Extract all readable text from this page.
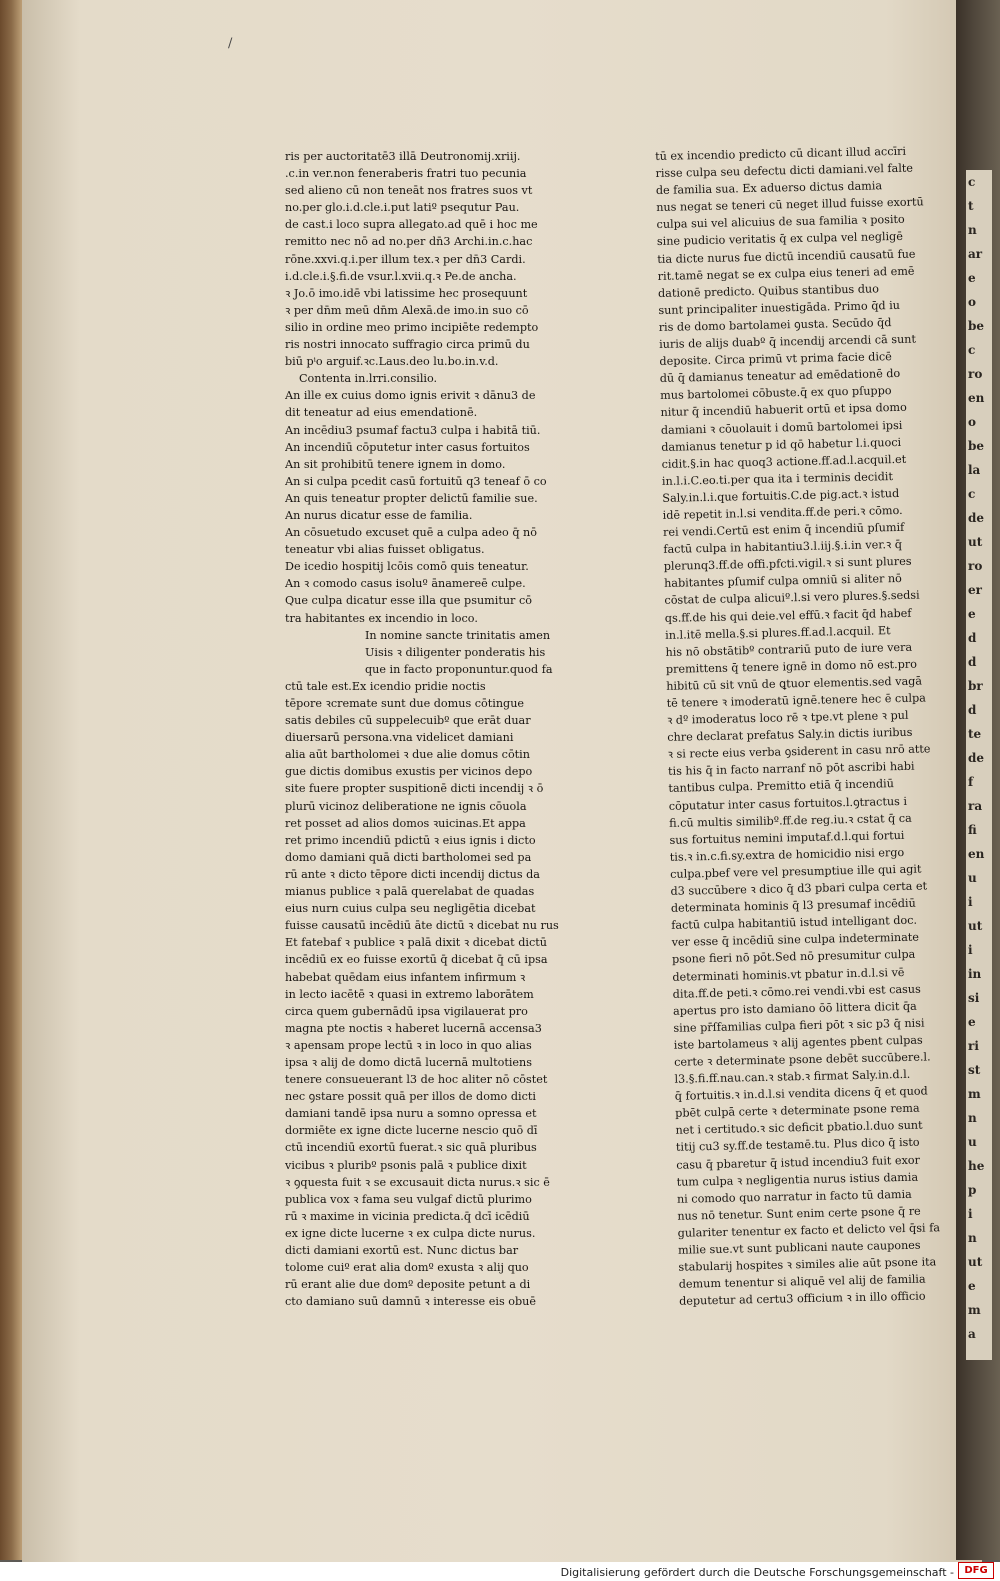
/
c
t
n
ar
e
o
be
c
ro
en
o
be
la
c
de
ut
ro
er
e
d
d
br
d
te
de
f
ra
fi
en
u
i
ut
i
in
si
e
ri
st
m
n
u
he
p
i
n
ut
e
m
a
ris per auctoritatē3 illā Deutronomij.xriij.
.c.in ver.non feneraberis fratri tuo pecunia
sed alieno cū non teneāt nos fratres suos vt
no.per glo.i.d.cle.i.put latiº psequtur Pau.
de cast.i loco supra allegato.ad quē i hoc me
remitto nec nō ad no.per dn̄3 Archi.in.c.hac
rōne.xxvi.q.i.per illum tex.ꝛ per dn̄3 Cardi.
i.d.cle.i.§.fi.de vsur.l.xvii.q.ꝛ Pe.de ancha.
ꝛ Jo.ō imo.idē vbi latissime hec prosequunt
ꝛ per dn̄m meū dn̄m Alexā.de imo.in suo cō
silio in ordine meo primo incipiēte redempto
ris nostri innocato suffragio circa primū du
biū pⁱo arguif.ꝛc.Laus.deo lu.bo.in.v.d.
Contenta in.lrri.consilio.
An ille ex cuius domo ignis erivit ꝛ dānu3 de
dit teneatur ad eius emendationē.
An incēdiu3 psumaf factu3 culpa i habitā tiū.
An incendiū cōputetur inter casus fortuitos
An sit prohibitū tenere ignem in domo.
An si culpa pcedit casū fortuitū q3 teneaf ō co
An quis teneatur propter delictū familie sue.
An nurus dicatur esse de familia.
An cōsuetudo excuset quē a culpa adeo q̄ nō
teneatur vbi alias fuisset obligatus.
De icedio hospitij lcōis comō quis teneatur.
An ꝛ comodo casus isoluº ānamereē culpe.
Que culpa dicatur esse illa que psumitur cō
tra habitantes ex incendio in loco.
In nomine sancte trinitatis amen
Uisis ꝛ diligenter ponderatis his
que in facto proponuntur.quod fa
ctū tale est.Ex icendio pridie noctis
tēpore ꝛcremate sunt due domus cōtingue
satis debiles cū suppelecuibº que erāt duar
diuersarū persona.vna videlicet damiani
alia aūt bartholomei ꝛ due alie domus cōtin
gue dictis domibus exustis per vicinos depo
site fuere propter suspitionē dicti incendij ꝛ ō
plurū vicinoz deliberatione ne ignis cōuola
ret posset ad alios domos ꝛuicinas.Et appa
ret primo incendiū pdictū ꝛ eius ignis i dicto
domo damiani quā dicti bartholomei sed pa
rū ante ꝛ dicto tēpore dicti incendij dictus da
mianus publice ꝛ palā querelabat de quadas
eius nurn cuius culpa seu negligētia dicebat
fuisse causatū incēdiū āte dictū ꝛ dicebat nu rus
Et fatebaf ꝛ publice ꝛ palā dixit ꝛ dicebat dictū
incēdiū ex eo fuisse exortū q̄ dicebat q̄ cū ipsa
habebat quēdam eius infantem infirmum ꝛ
in lecto iacētē ꝛ quasi in extremo laborātem
circa quem gubernādū ipsa vigilauerat pro
magna pte noctis ꝛ haberet lucernā accensa3
ꝛ apensam prope lectū ꝛ in loco in quo alias
ipsa ꝛ alij de domo dictā lucernā multotiens
tenere consueuerant l3 de hoc aliter nō cōstet
nec ꝯstare possit quā per illos de domo dicti
damiani tandē ipsa nuru a somno opressa et
dormiēte ex igne dicte lucerne nescio quō dī
ctū incendiū exortū fuerat.ꝛ sic quā pluribus
vicibus ꝛ pluribº psonis palā ꝛ publice dixit
ꝛ ꝯquesta fuit ꝛ se excusauit dicta nurus.ꝛ sic ē
publica vox ꝛ fama seu vulgaf dictū plurimo
rū ꝛ maxime in vicinia predicta.q̄ dcī icēdiū
ex igne dicte lucerne ꝛ ex culpa dicte nurus.
dicti damiani exortū est. Nunc dictus bar
tolome cuiº erat alia domº exusta ꝛ alij quo
rū erant alie due domº deposite petunt a di
cto damiano suū damnū ꝛ interesse eis obuē
tū ex incendio predicto cū dicant illud accīri
risse culpa seu defectu dicti damiani.vel falte
de familia sua. Ex aduerso dictus damia
nus negat se teneri cū neget illud fuisse exortū
culpa sui vel alicuius de sua familia ꝛ posito
sine pudicio veritatis q̄ ex culpa vel negligē
tia dicte nurus fue dictū incendiū causatū fue
rit.tamē negat se ex culpa eius teneri ad emē
dationē predicto. Quibus stantibus duo
sunt principaliter inuestigāda. Primo q̄d iu
ris de domo bartolamei ꝯusta. Secūdo q̄d
iuris de alijs duabº q̄ incendij arcendi cā sunt
deposite. Circa primū vt prima facie dicē
dū q̄ damianus teneatur ad emēdationē do
mus bartolomei cōbuste.q̄ ex quo pſuppo
nitur q̄ incendiū habuerit ortū et ipsa domo
damiani ꝛ cōuolauit i domū bartolomei ipsi
damianus tenetur p id qō habetur l.i.quoci
cidit.§.in hac quoq3 actione.ff.ad.l.acquil.et
in.l.i.C.eo.ti.per qua ita i terminis decidit
Saly.in.l.i.que fortuitis.C.de pig.act.ꝛ istud
idē repetit in.l.si vendita.ff.de peri.ꝛ cōmo.
rei vendi.Certū est enim q̄ incendiū pſumif
factū culpa in habitantiu3.l.iij.§.i.in ver.ꝛ q̄
plerunq3.ff.de offi.pfcti.vigil.ꝛ si sunt plures
habitantes pſumif culpa omniū si aliter nō
cōstat de culpa alicuiº.l.si vero plures.§.sedsi
qs.ff.de his qui deie.vel effū.ꝛ facit q̄d habef
in.l.itē mella.§.si plures.ff.ad.l.acquil. Et
his nō obstātibº contrariū puto de iure vera
premittens q̄ tenere ignē in domo nō est.pro
hibitū cū sit vnū de ꝗtuor elementis.sed vagā
tē tenere ꝛ imoderatū ignē.tenere hec ē culpa
ꝛ dº imoderatus loco rē ꝛ tpe.vt plene ꝛ pul
chre declarat prefatus Saly.in dictis iuribus
ꝛ si recte eius verba ꝯsiderent in casu nrō atte
tis his q̄ in facto narranf nō pōt ascribi habi
tantibus culpa. Premitto etiā q̄ incendiū
cōputatur inter casus fortuitos.l.ꝯtractus i
fi.cū multis similibº.ff.de reg.iu.ꝛ cstat q̄ ca
sus fortuitus nemini imputaf.d.l.qui fortui
tis.ꝛ in.c.fi.sy.extra de homicidio nisi ergo
culpa.pbef vere vel presumptiue ille qui agit
d3 succūbere ꝛ dico q̄ d3 pbari culpa certa et
determinata hominis q̄ l3 presumaf incēdiū
factū culpa habitantiū istud intelligant doc.
ver esse q̄ incēdiū sine culpa indeterminate
psone fieri nō pōt.Sed nō presumitur culpa
determinati hominis.vt pbatur in.d.l.si vē
dita.ff.de peti.ꝛ cōmo.rei vendi.vbi est casus
apertus pro isto damiano ōō littera dicit q̄a
sine pr̄ſfamilias culpa fieri pōt ꝛ sic p3 q̄ nisi
iste bartolameus ꝛ alij agentes pbent culpas
certe ꝛ determinate psone debēt succūbere.l.
l3.§.fi.ff.nau.can.ꝛ stab.ꝛ firmat Saly.in.d.l.
q̄ fortuitis.ꝛ in.d.l.si vendita dicens q̄ et quod
pbēt culpā certe ꝛ determinate psone rema
net i certitudo.ꝛ sic deficit pbatio.l.duo sunt
titij cu3 sy.ff.de testamē.tu. Plus dico q̄ isto
casu q̄ pbaretur q̄ istud incendiu3 fuit exor
tum culpa ꝛ negligentia nurus istius damia
ni comodo quo narratur in facto tū damia
nus nō tenetur. Sunt enim certe psone q̄ re
gulariter tenentur ex facto et delicto vel q̄si fa
milie sue.vt sunt publicani naute caupones
stabularij hospites ꝛ similes alie aūt psone ita
demum tenentur si aliquē vel alij de familia
deputetur ad certu3 officium ꝛ in illo officio
Digitalisierung gefördert durch die Deutsche Forschungsgemeinschaft -	DFG
